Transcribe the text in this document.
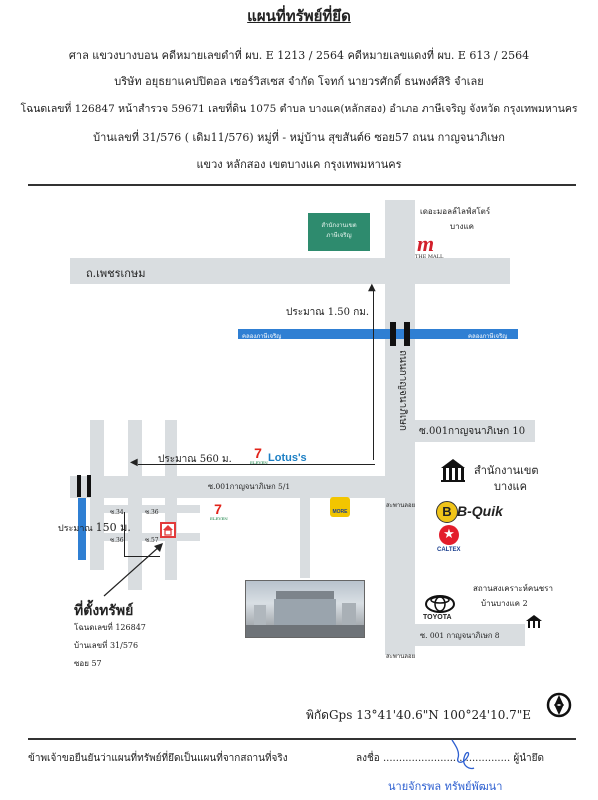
แผนที่ทรัพย์ที่ยึด
ศาล แขวงบางบอน คดีหมายเลขดำที่ ผบ. E 1213 / 2564 คดีหมายเลขแดงที่ ผบ. E 613 / 2564
บริษัท อยุธยาแคปปิตอล เซอร์วิสเซส จำกัด โจทก์ นายวรศักดิ์ ธนพงศ์สิริ จำเลย
โฉนดเลขที่ 126847 หน้าสำรวจ 59671 เลขที่ดิน 1075 ตำบล บางแค(หลักสอง) อำเภอ ภาษีเจริญ จังหวัด กรุงเทพมหานคร
บ้านเลขที่ 31/576 ( เดิม11/576) หมู่ที่ - หมู่บ้าน สุขสันต์6 ซอย57 ถนน กาญจนาภิเษก
แขวง หลักสอง เขตบางแค กรุงเทพมหานคร
ถนนกาญจนาภิเษก
ถ.เพชรเกษม
คลองภาษีเจริญ	คลองภาษีเจริญ
ซ.001กาญจนาภิเษก 10
ซ.001กาญจนาภิเษก 5/1
ซ.34	ซ.36
ซ.57
ซ.36
ซ. 001 กาญจนาภิเษก 8
สะพานลอย
สะพานลอย
▲
ประมาณ 1.50 กม.
◀ ประมาณ 560 ม.
ประมาณ 150 ม.
สำนักงานเขต
ภาษีเจริญ
เดอะมอลล์ไลฟ์สโตร์
บางแค
m
THE MALL
7
ELEVEN Lotus's
7
ELEVEN
MORE
สำนักงานเขต
บางแค
B B-Quik
★
CALTEX
TOYOTA
สถานสงเคราะห์คนชรา
บ้านบางแค 2
ที่ตั้งทรัพย์
โฉนดเลขที่ 126847
บ้านเลขที่ 31/576
ซอย 57
พิกัดGps 13°41'40.6"N 100°24'10.7"E
ข้าพเจ้าขอยืนยันว่าแผนที่ทรัพย์ที่ยึดเป็นแผนที่จากสถานที่จริง	ลงชื่อ ........................................ ผู้นำยึด
นายจักรพล ทรัพย์พัฒนา
